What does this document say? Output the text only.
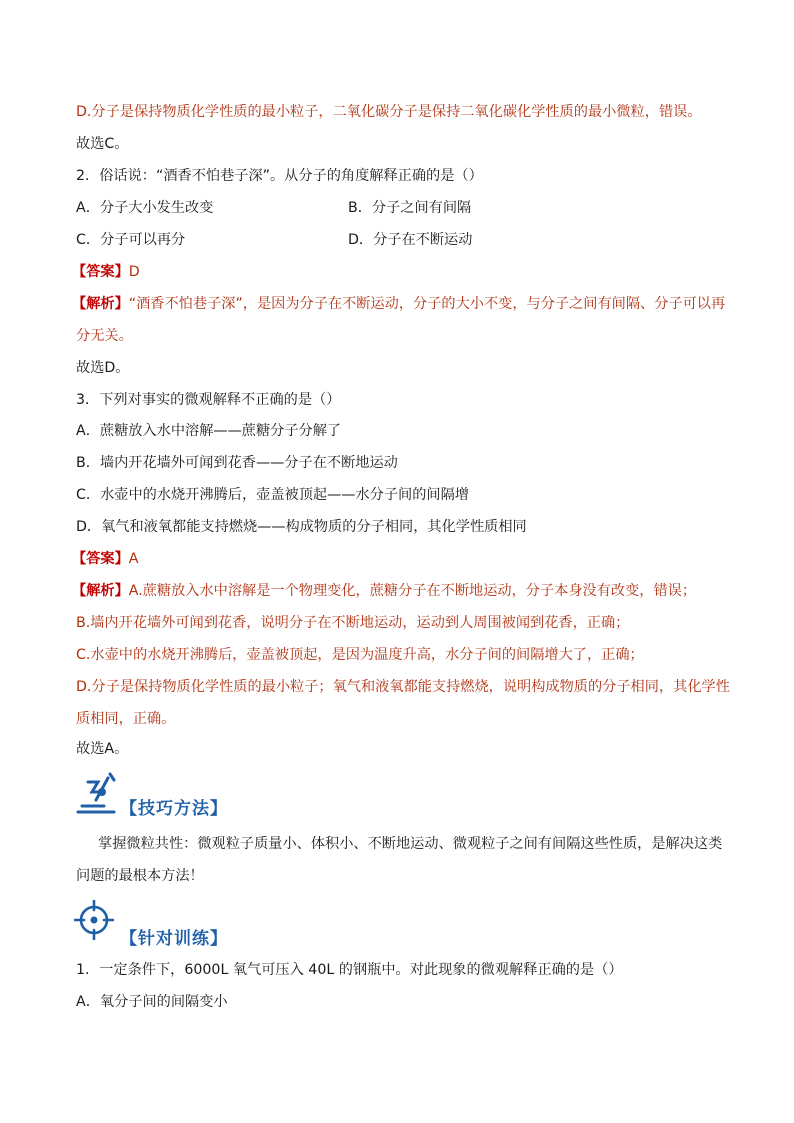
D.分子是保持物质化学性质的最小粒子，二氧化碳分子是保持二氧化碳化学性质的最小微粒，错误。
故选C。
2．俗话说：“酒香不怕巷子深”。从分子的角度解释正确的是（）
A．分子大小发生改变	B．分子之间有间隔
C．分子可以再分	D．分子在不断运动
【答案】D
【解析】“酒香不怕巷子深”，是因为分子在不断运动，分子的大小不变，与分子之间有间隔、分子可以再
分无关。
故选D。
3．下列对事实的微观解释不正确的是（）
A．蔗糖放入水中溶解——蔗糖分子分解了
B．墙内开花墙外可闻到花香——分子在不断地运动
C．水壶中的水烧开沸腾后，壶盖被顶起——水分子间的间隔增
D．氧气和液氧都能支持燃烧——构成物质的分子相同，其化学性质相同
【答案】A
【解析】A.蔗糖放入水中溶解是一个物理变化，蔗糖分子在不断地运动，分子本身没有改变，错误；
B.墙内开花墙外可闻到花香，说明分子在不断地运动，运动到人周围被闻到花香，正确；
C.水壶中的水烧开沸腾后，壶盖被顶起，是因为温度升高，水分子间的间隔增大了，正确；
D.分子是保持物质化学性质的最小粒子；氧气和液氧都能支持燃烧，说明构成物质的分子相同，其化学性
质相同，正确。
故选A。
【技巧方法】
掌握微粒共性：微观粒子质量小、体积小、不断地运动、微观粒子之间有间隔这些性质，是解决这类
问题的最根本方法！
【针对训练】
1．一定条件下，6000L 氧气可压入 40L 的钢瓶中。对此现象的微观解释正确的是（）
A．氧分子间的间隔变小
